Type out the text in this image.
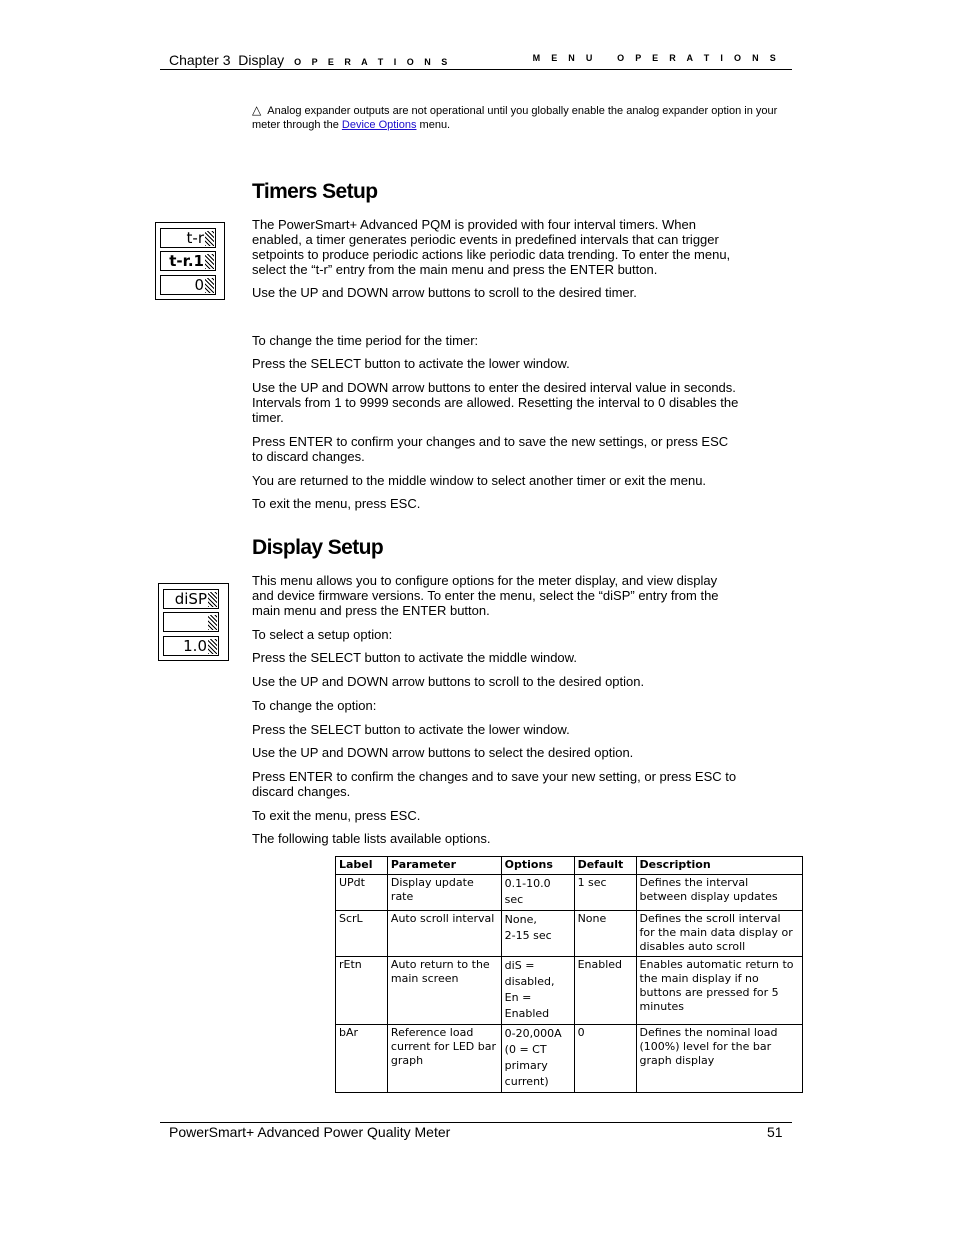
Chapter 3 Display O P E R A T I O N S	M E N U   O P E R A T I O N S
△ Analog expander outputs are not operational until you globally enable the analog expander option in your meter through the Device Options menu.
Timers Setup
t-r
t-r.1
0

The PowerSmart+ Advanced PQM is provided with four interval timers. When enabled, a timer generates periodic events in predefined intervals that can trigger setpoints to produce periodic actions like periodic data trending. To enter the menu, select the “t-r” entry from the main menu and press the ENTER button.

Use the UP and DOWN arrow buttons to scroll to the desired timer.

To change the time period for the timer:

Press the SELECT button to activate the lower window.

Use the UP and DOWN arrow buttons to enter the desired interval value in seconds. Intervals from 1 to 9999 seconds are allowed. Resetting the interval to 0 disables the timer.

Press ENTER to confirm your changes and to save the new settings, or press ESC to discard changes.

You are returned to the middle window to select another timer or exit the menu.

To exit the menu, press ESC.

Display Setup
diSP
1.0

This menu allows you to configure options for the meter display, and view display and device firmware versions. To enter the menu, select the “diSP” entry from the main menu and press the ENTER button.

To select a setup option:

Press the SELECT button to activate the middle window.

Use the UP and DOWN arrow buttons to scroll to the desired option.

To change the option:

Press the SELECT button to activate the lower window.

Use the UP and DOWN arrow buttons to select the desired option.

Press ENTER to confirm the changes and to save your new setting, or press ESC to discard changes.

To exit the menu, press ESC.

The following table lists available options.

Label	Parameter	Options	Default	Description
UPdt	Display update rate	0.1-10.0 sec	1 sec	Defines the interval between display updates
ScrL	Auto scroll interval	None,
2-15 sec	None	Defines the scroll interval for the main data display or disables auto scroll
rEtn	Auto return to the main screen	diS = disabled,
En = Enabled	Enabled	Enables automatic return to the main display if no buttons are pressed for 5 minutes
bAr	Reference load current for LED bar graph	0-20,000A
(0 = CT primary current)	0	Defines the nominal load (100%) level for the bar graph display
PowerSmart+ Advanced Power Quality Meter	51
